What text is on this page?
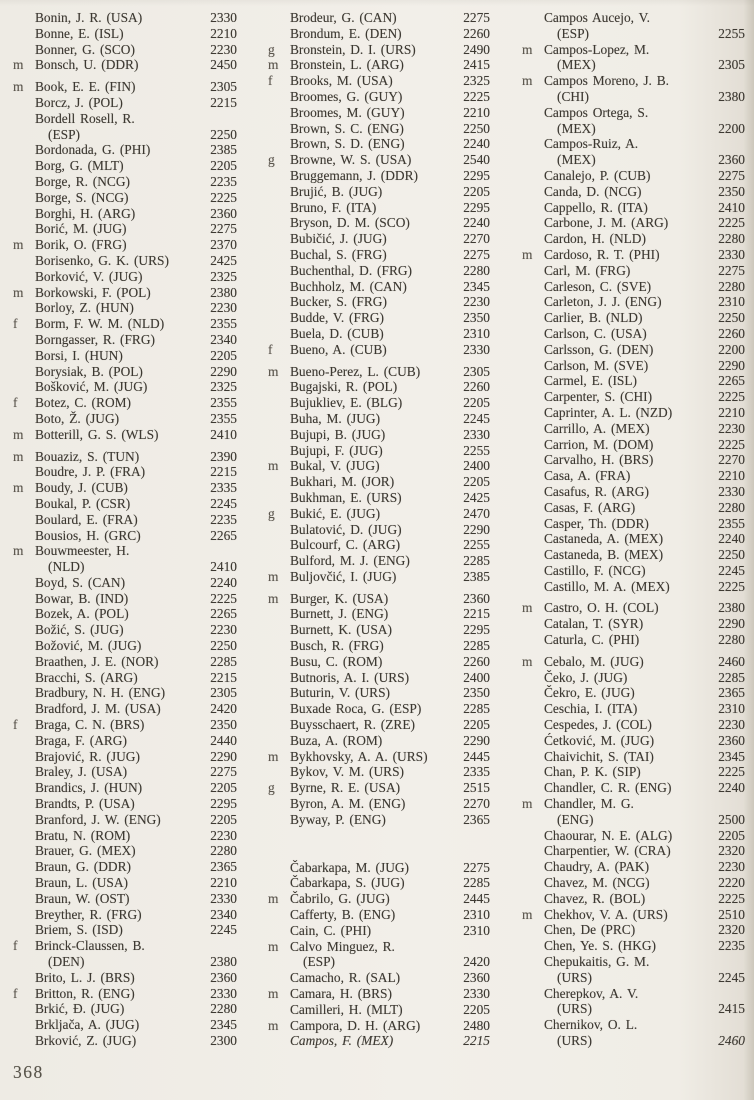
Bonin, J. R. (USA)	2330
Bonne, E. (ISL)	2210
Bonner, G. (SCO)	2230
m Bonsch, U. (DDR)	2450
m Book, E. E. (FIN)	2305
Borcz, J. (POL)	2215
Bordell Rosell, R.
(ESP)	2250
Bordonada, G. (PHI)	2385
Borg, G. (MLT)	2205
Borge, R. (NCG)	2235
Borge, S. (NCG)	2225
Borghi, H. (ARG)	2360
Borić, M. (JUG)	2275
m Borik, O. (FRG)	2370
Borisenko, G. K. (URS)	2425
Borković, V. (JUG)	2325
m Borkowski, F. (POL)	2380
Borloy, Z. (HUN)	2230
f	Borm, F. W. M. (NLD)	2355
Borngasser, R. (FRG)	2340
Borsi, I. (HUN)	2205
Borysiak, B. (POL)	2290
Bošković, M. (JUG)	2325
f	Botez, C. (ROM)	2355
Boto, Ž. (JUG)	2355
m Botterill, G. S. (WLS)	2410
m Bouaziz, S. (TUN)	2390
Boudre, J. P. (FRA)	2215
m Boudy, J. (CUB)	2335
Boukal, P. (CSR)	2245
Boulard, E. (FRA)	2235
Bousios, H. (GRC)	2265
m Bouwmeester, H.
(NLD)	2410
Boyd, S. (CAN)	2240
Bowar, B. (IND)	2225
Bozek, A. (POL)	2265
Božić, S. (JUG)	2230
Božović, M. (JUG)	2250
Braathen, J. E. (NOR)	2285
Bracchi, S. (ARG)	2215
Bradbury, N. H. (ENG)	2305
Bradford, J. M. (USA)	2420
f	Braga, C. N. (BRS)	2350
Braga, F. (ARG)	2440
Brajović, R. (JUG)	2290
Braley, J. (USA)	2275
Brandics, J. (HUN)	2205
Brandts, P. (USA)	2295
Branford, J. W. (ENG)	2205
Bratu, N. (ROM)	2230
Brauer, G. (MEX)	2280
Braun, G. (DDR)	2365
Braun, L. (USA)	2210
Braun, W. (OST)	2330
Breyther, R. (FRG)	2340
Briem, S. (ISD)	2245
f	Brinck-Claussen, B.
(DEN)	2380
Brito, L. J. (BRS)	2360
f	Britton, R. (ENG)	2330
Brkić, Đ. (JUG)	2280
Brkljača, A. (JUG)	2345
Brković, Z. (JUG)	2300
Brodeur, G. (CAN)	2275
Brondum, E. (DEN)	2260
g	Bronstein, D. I. (URS)	2490
m Bronstein, L. (ARG)	2415
f	Brooks, M. (USA)	2325
Broomes, G. (GUY)	2225
Broomes, M. (GUY)	2210
Brown, S. C. (ENG)	2250
Brown, S. D. (ENG)	2240
g	Browne, W. S. (USA)	2540
Bruggemann, J. (DDR)	2295
Brujić, B. (JUG)	2205
Bruno, F. (ITA)	2295
Bryson, D. M. (SCO)	2240
Bubičić, J. (JUG)	2270
Buchal, S. (FRG)	2275
Buchenthal, D. (FRG)	2280
Buchholz, M. (CAN)	2345
Bucker, S. (FRG)	2230
Budde, V. (FRG)	2350
Buela, D. (CUB)	2310
f	Bueno, A. (CUB)	2330
m Bueno-Perez, L. (CUB)	2305
Bugajski, R. (POL)	2260
Bujukliev, E. (BLG)	2205
Buha, M. (JUG)	2245
Bujupi, B. (JUG)	2330
Bujupi, F. (JUG)	2255
m Bukal, V. (JUG)	2400
Bukhari, M. (JOR)	2205
Bukhman, E. (URS)	2425
g	Bukić, E. (JUG)	2470
Bulatović, D. (JUG)	2290
Bulcourf, C. (ARG)	2255
Bulford, M. J. (ENG)	2285
m Buljovčić, I. (JUG)	2385
m Burger, K. (USA)	2360
Burnett, J. (ENG)	2215
Burnett, K. (USA)	2295
Busch, R. (FRG)	2285
Busu, C. (ROM)	2260
Butnoris, A. I. (URS)	2400
Buturin, V. (URS)	2350
Buxade Roca, G. (ESP)	2285
Buysschaert, R. (ZRE)	2205
Buza, A. (ROM)	2290
m Bykhovsky, A. A. (URS)	2445
Bykov, V. M. (URS)	2335
g	Byrne, R. E. (USA)	2515
Byron, A. M. (ENG)	2270
Byway, P. (ENG)	2365
Čabarkapa, M. (JUG)	2275
Čabarkapa, S. (JUG)	2285
m Čabrilo, G. (JUG)	2445
Cafferty, B. (ENG)	2310
Cain, C. (PHI)	2310
m Calvo Minguez, R.
(ESP)	2420
Camacho, R. (SAL)	2360
m Camara, H. (BRS)	2330
Camilleri, H. (MLT)	2205
m Campora, D. H. (ARG)	2480
Campos, F. (MEX)	2215
Campos Aucejo, V.
(ESP)	2255
m Campos-Lopez, M.
(MEX)	2305
m Campos Moreno, J. B.
(CHI)	2380
Campos Ortega, S.
(MEX)	2200
Campos-Ruiz, A.
(MEX)	2360
Canalejo, P. (CUB)	2275
Canda, D. (NCG)	2350
Cappello, R. (ITA)	2410
Carbone, J. M. (ARG)	2225
Cardon, H. (NLD)	2280
m Cardoso, R. T. (PHI)	2330
Carl, M. (FRG)	2275
Carleson, C. (SVE)	2280
Carleton, J. J. (ENG)	2310
Carlier, B. (NLD)	2250
Carlson, C. (USA)	2260
Carlsson, G. (DEN)	2200
Carlson, M. (SVE)	2290
Carmel, E. (ISL)	2265
Carpenter, S. (CHI)	2225
Caprinter, A. L. (NZD)	2210
Carrillo, A. (MEX)	2230
Carrion, M. (DOM)	2225
Carvalho, H. (BRS)	2270
Casa, A. (FRA)	2210
Casafus, R. (ARG)	2330
Casas, F. (ARG)	2280
Casper, Th. (DDR)	2355
Castaneda, A. (MEX)	2240
Castaneda, B. (MEX)	2250
Castillo, F. (NCG)	2245
Castillo, M. A. (MEX)	2225
m Castro, O. H. (COL)	2380
Catalan, T. (SYR)	2290
Caturla, C. (PHI)	2280
m Cebalo, M. (JUG)	2460
Čeko, J. (JUG)	2285
Čekro, E. (JUG)	2365
Ceschia, I. (ITA)	2310
Cespedes, J. (COL)	2230
Ćetković, M. (JUG)	2360
Chaivichit, S. (TAI)	2345
Chan, P. K. (SIP)	2225
Chandler, C. R. (ENG)	2240
m Chandler, M. G.
(ENG)	2500
Chaourar, N. E. (ALG)	2205
Charpentier, W. (CRA)	2320
Chaudry, A. (PAK)	2230
Chavez, M. (NCG)	2220
Chavez, R. (BOL)	2225
m Chekhov, V. A. (URS)	2510
Chen, De (PRC)	2320
Chen, Ye. S. (HKG)	2235
Chepukaitis, G. M.
(URS)	2245
Cherepkov, A. V.
(URS)	2415
Chernikov, O. L.
(URS)	2460
368
